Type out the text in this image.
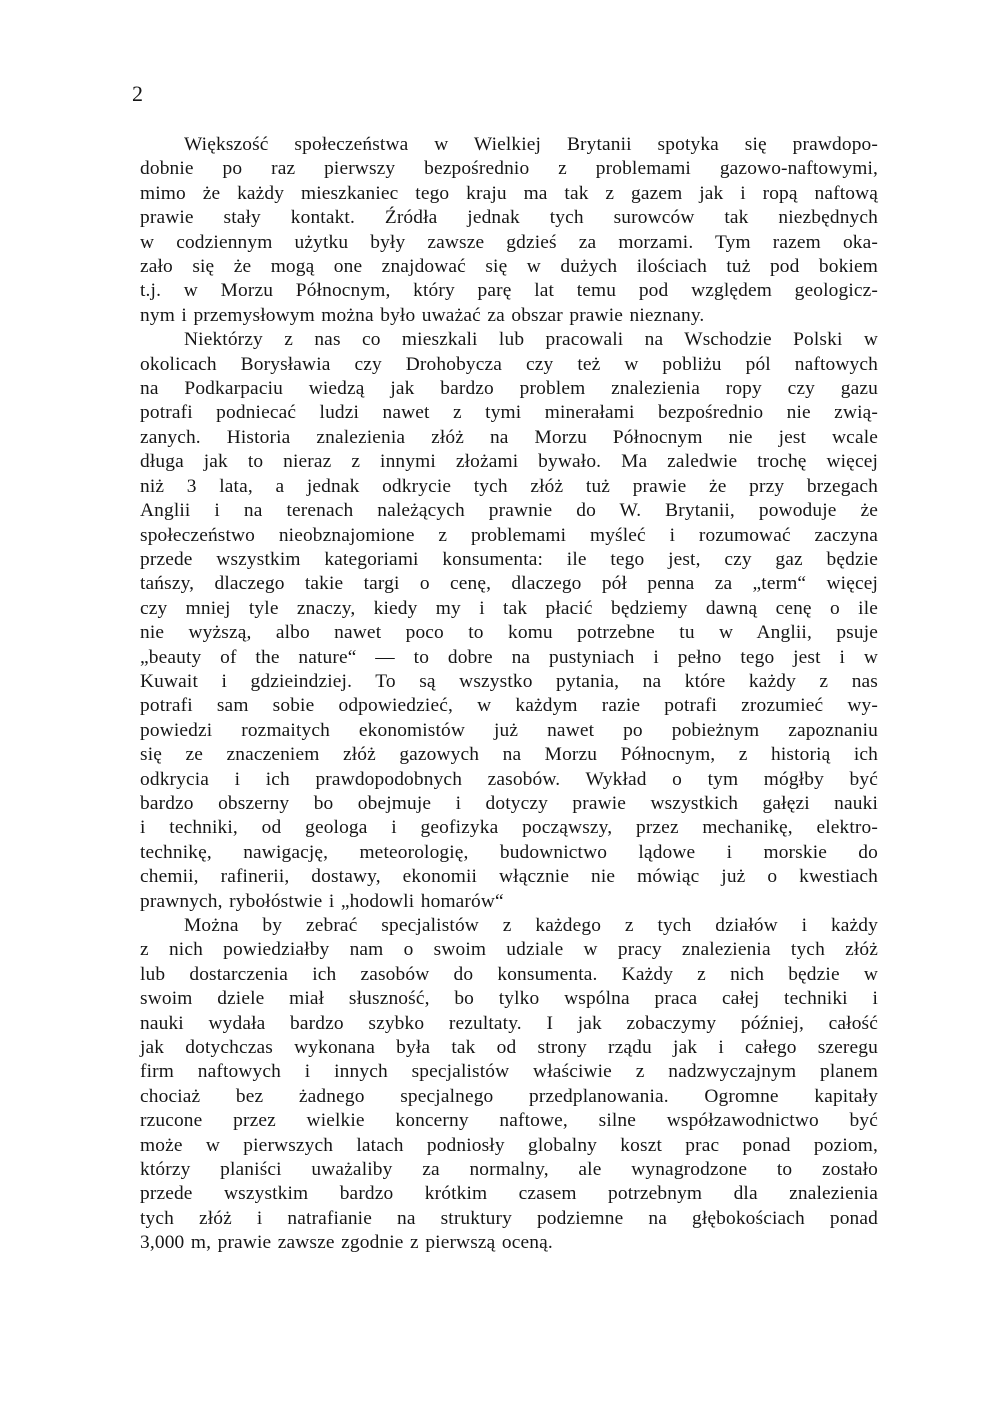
2
Większość społeczeństwa w Wielkiej Brytanii spotyka się prawdopo-
dobnie po raz pierwszy bezpośrednio z problemami gazowo-naftowymi,
mimo że każdy mieszkaniec tego kraju ma tak z gazem jak i ropą naftową
prawie stały kontakt. Źródła jednak tych surowców tak niezbędnych
w codziennym użytku były zawsze gdzieś za morzami. Tym razem oka-
zało się że mogą one znajdować się w dużych ilościach tuż pod bokiem
t.j. w Morzu Północnym, który parę lat temu pod względem geologicz-
nym i przemysłowym można było uważać za obszar prawie nieznany.
Niektórzy z nas co mieszkali lub pracowali na Wschodzie Polski w
okolicach Borysławia czy Drohobycza czy też w pobliżu pól naftowych
na Podkarpaciu wiedzą jak bardzo problem znalezienia ropy czy gazu
potrafi podniecać ludzi nawet z tymi minerałami bezpośrednio nie zwią-
zanych. Historia znalezienia złóż na Morzu Północnym nie jest wcale
długa jak to nieraz z innymi złożami bywało. Ma zaledwie trochę więcej
niż 3 lata, a jednak odkrycie tych złóż tuż prawie że przy brzegach
Anglii i na terenach należących prawnie do W. Brytanii, powoduje że
społeczeństwo nieobznajomione z problemami myśleć i rozumować zaczyna
przede wszystkim kategoriami konsumenta: ile tego jest, czy gaz będzie
tańszy, dlaczego takie targi o cenę, dlaczego pół penna za „term“ więcej
czy mniej tyle znaczy, kiedy my i tak płacić będziemy dawną cenę o ile
nie wyższą, albo nawet poco to komu potrzebne tu w Anglii, psuje
„beauty of the nature“ — to dobre na pustyniach i pełno tego jest i w
Kuwait i gdzieindziej. To są wszystko pytania, na które każdy z nas
potrafi sam sobie odpowiedzieć, w każdym razie potrafi zrozumieć wy-
powiedzi rozmaitych ekonomistów już nawet po pobieżnym zapoznaniu
się ze znaczeniem złóż gazowych na Morzu Północnym, z historią ich
odkrycia i ich prawdopodobnych zasobów. Wykład o tym mógłby być
bardzo obszerny bo obejmuje i dotyczy prawie wszystkich gałęzi nauki
i techniki, od geologa i geofizyka począwszy, przez mechanikę, elektro-
technikę, nawigację, meteorologię, budownictwo lądowe i morskie do
chemii, rafinerii, dostawy, ekonomii włącznie nie mówiąc już o kwestiach
prawnych, rybołóstwie i „hodowli homarów“
Można by zebrać specjalistów z każdego z tych działów i każdy
z nich powiedziałby nam o swoim udziale w pracy znalezienia tych złóż
lub dostarczenia ich zasobów do konsumenta. Każdy z nich będzie w
swoim dziele miał słuszność, bo tylko wspólna praca całej techniki i
nauki wydała bardzo szybko rezultaty. I jak zobaczymy później, całość
jak dotychczas wykonana była tak od strony rządu jak i całego szeregu
firm naftowych i innych specjalistów właściwie z nadzwyczajnym planem
chociaż bez żadnego specjalnego przedplanowania. Ogromne kapitały
rzucone przez wielkie koncerny naftowe, silne współzawodnictwo być
może w pierwszych latach podniosły globalny koszt prac ponad poziom,
którzy planiści uważaliby za normalny, ale wynagrodzone to zostało
przede wszystkim bardzo krótkim czasem potrzebnym dla znalezienia
tych złóż i natrafianie na struktury podziemne na głębokościach ponad
3,000 m, prawie zawsze zgodnie z pierwszą oceną.
